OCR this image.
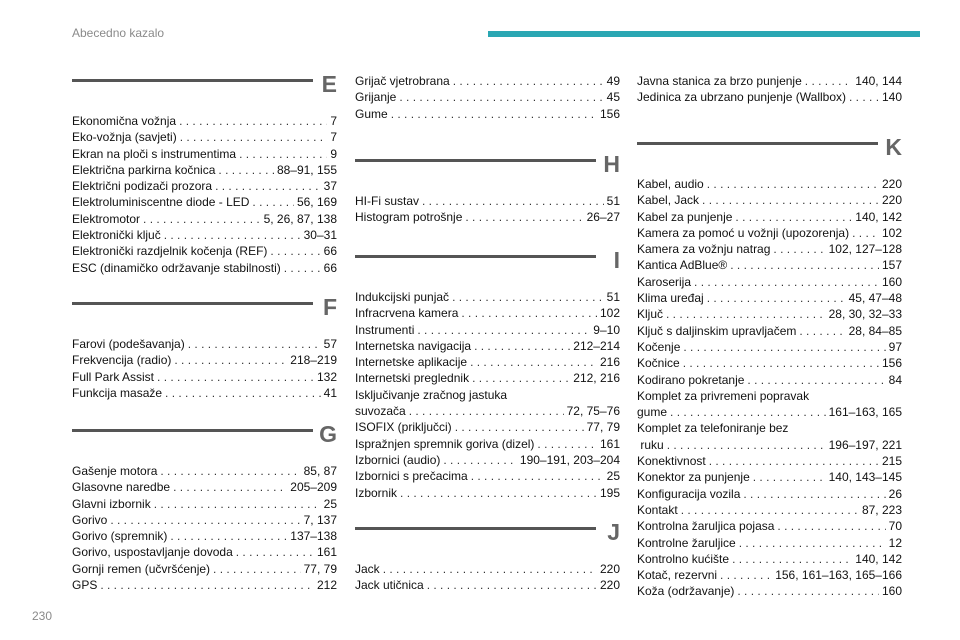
Abecedno kazalo
230
E
Ekonomična vožnja . . .	7
Eko-vožnja (savjeti) . . .	7
Ekran na ploči s instrumentima . . .	9
Električna parkirna kočnica . . .	88–91, 155
Električni podizači prozora . . .	37
Elektroluminiscentne diode - LED . . .	56, 169
Elektromotor . . .	5, 26, 87, 138
Elektronički ključ . . .	30–31
Elektronički razdjelnik kočenja (REF) . . .	66
ESC (dinamičko održavanje stabilnosti) . . .	66
F
Farovi (podešavanja) . . .	57
Frekvencija (radio) . . .	218–219
Full Park Assist . . .	132
Funkcija masaže . . .	41
G
Gašenje motora . . .	85, 87
Glasovne naredbe . . .	205–209
Glavni izbornik . . .	25
Gorivo . . .	7, 137
Gorivo (spremnik) . . .	137–138
Gorivo, uspostavljanje dovoda . . .	161
Gornji remen (učvršćenje) . . .	77, 79
GPS . . .	212
Grijač vjetrobrana . . .	49
Grijanje . . .	45
Gume . . .	156
H
HI-Fi sustav . . .	51
Histogram potrošnje . . .	26–27
I
Indukcijski punjač . . .	51
Infracrvena kamera . . .	102
Instrumenti . . .	9–10
Internetska navigacija . . .	212–214
Internetske aplikacije . . .	216
Internetski preglednik . . .	212, 216
Isključivanje zračnog jastuka
suvozača . . .	72, 75–76
ISOFIX (priključci) . . .	77, 79
Ispražnjen spremnik goriva (dizel) . . .	161
Izbornici (audio) . . .	190–191, 203–204
Izbornici s prečacima . . .	25
Izbornik . . .	195
J
Jack . . .	220
Jack utičnica . . .	220
Javna stanica za brzo punjenje . . .	140, 144
Jedinica za ubrzano punjenje (Wallbox) . . .	140
K
Kabel, audio . . .	220
Kabel, Jack . . .	220
Kabel za punjenje . . .	140, 142
Kamera za pomoć u vožnji (upozorenja) . . .	102
Kamera za vožnju natrag . . .	102, 127–128
Kantica AdBlue® . . .	157
Karoserija . . .	160
Klima uređaj . . .	45, 47–48
Ključ . . .	28, 30, 32–33
Ključ s daljinskim upravljačem . . .	28, 84–85
Kočenje . . .	97
Kočnice . . .	156
Kodirano pokretanje . . .	84
Komplet za privremeni popravak
gume . . .	161–163, 165
Komplet za telefoniranje bez
ruku . . .	196–197, 221
Konektivnost . . .	215
Konektor za punjenje . . .	140, 143–145
Konfiguracija vozila . . .	26
Kontakt . . .	87, 223
Kontrolna žaruljica pojasa . . .	70
Kontrolne žaruljice . . .	12
Kontrolno kućište . . .	140, 142
Kotač, rezervni . . .	156, 161–163, 165–166
Koža (održavanje) . . .	160
